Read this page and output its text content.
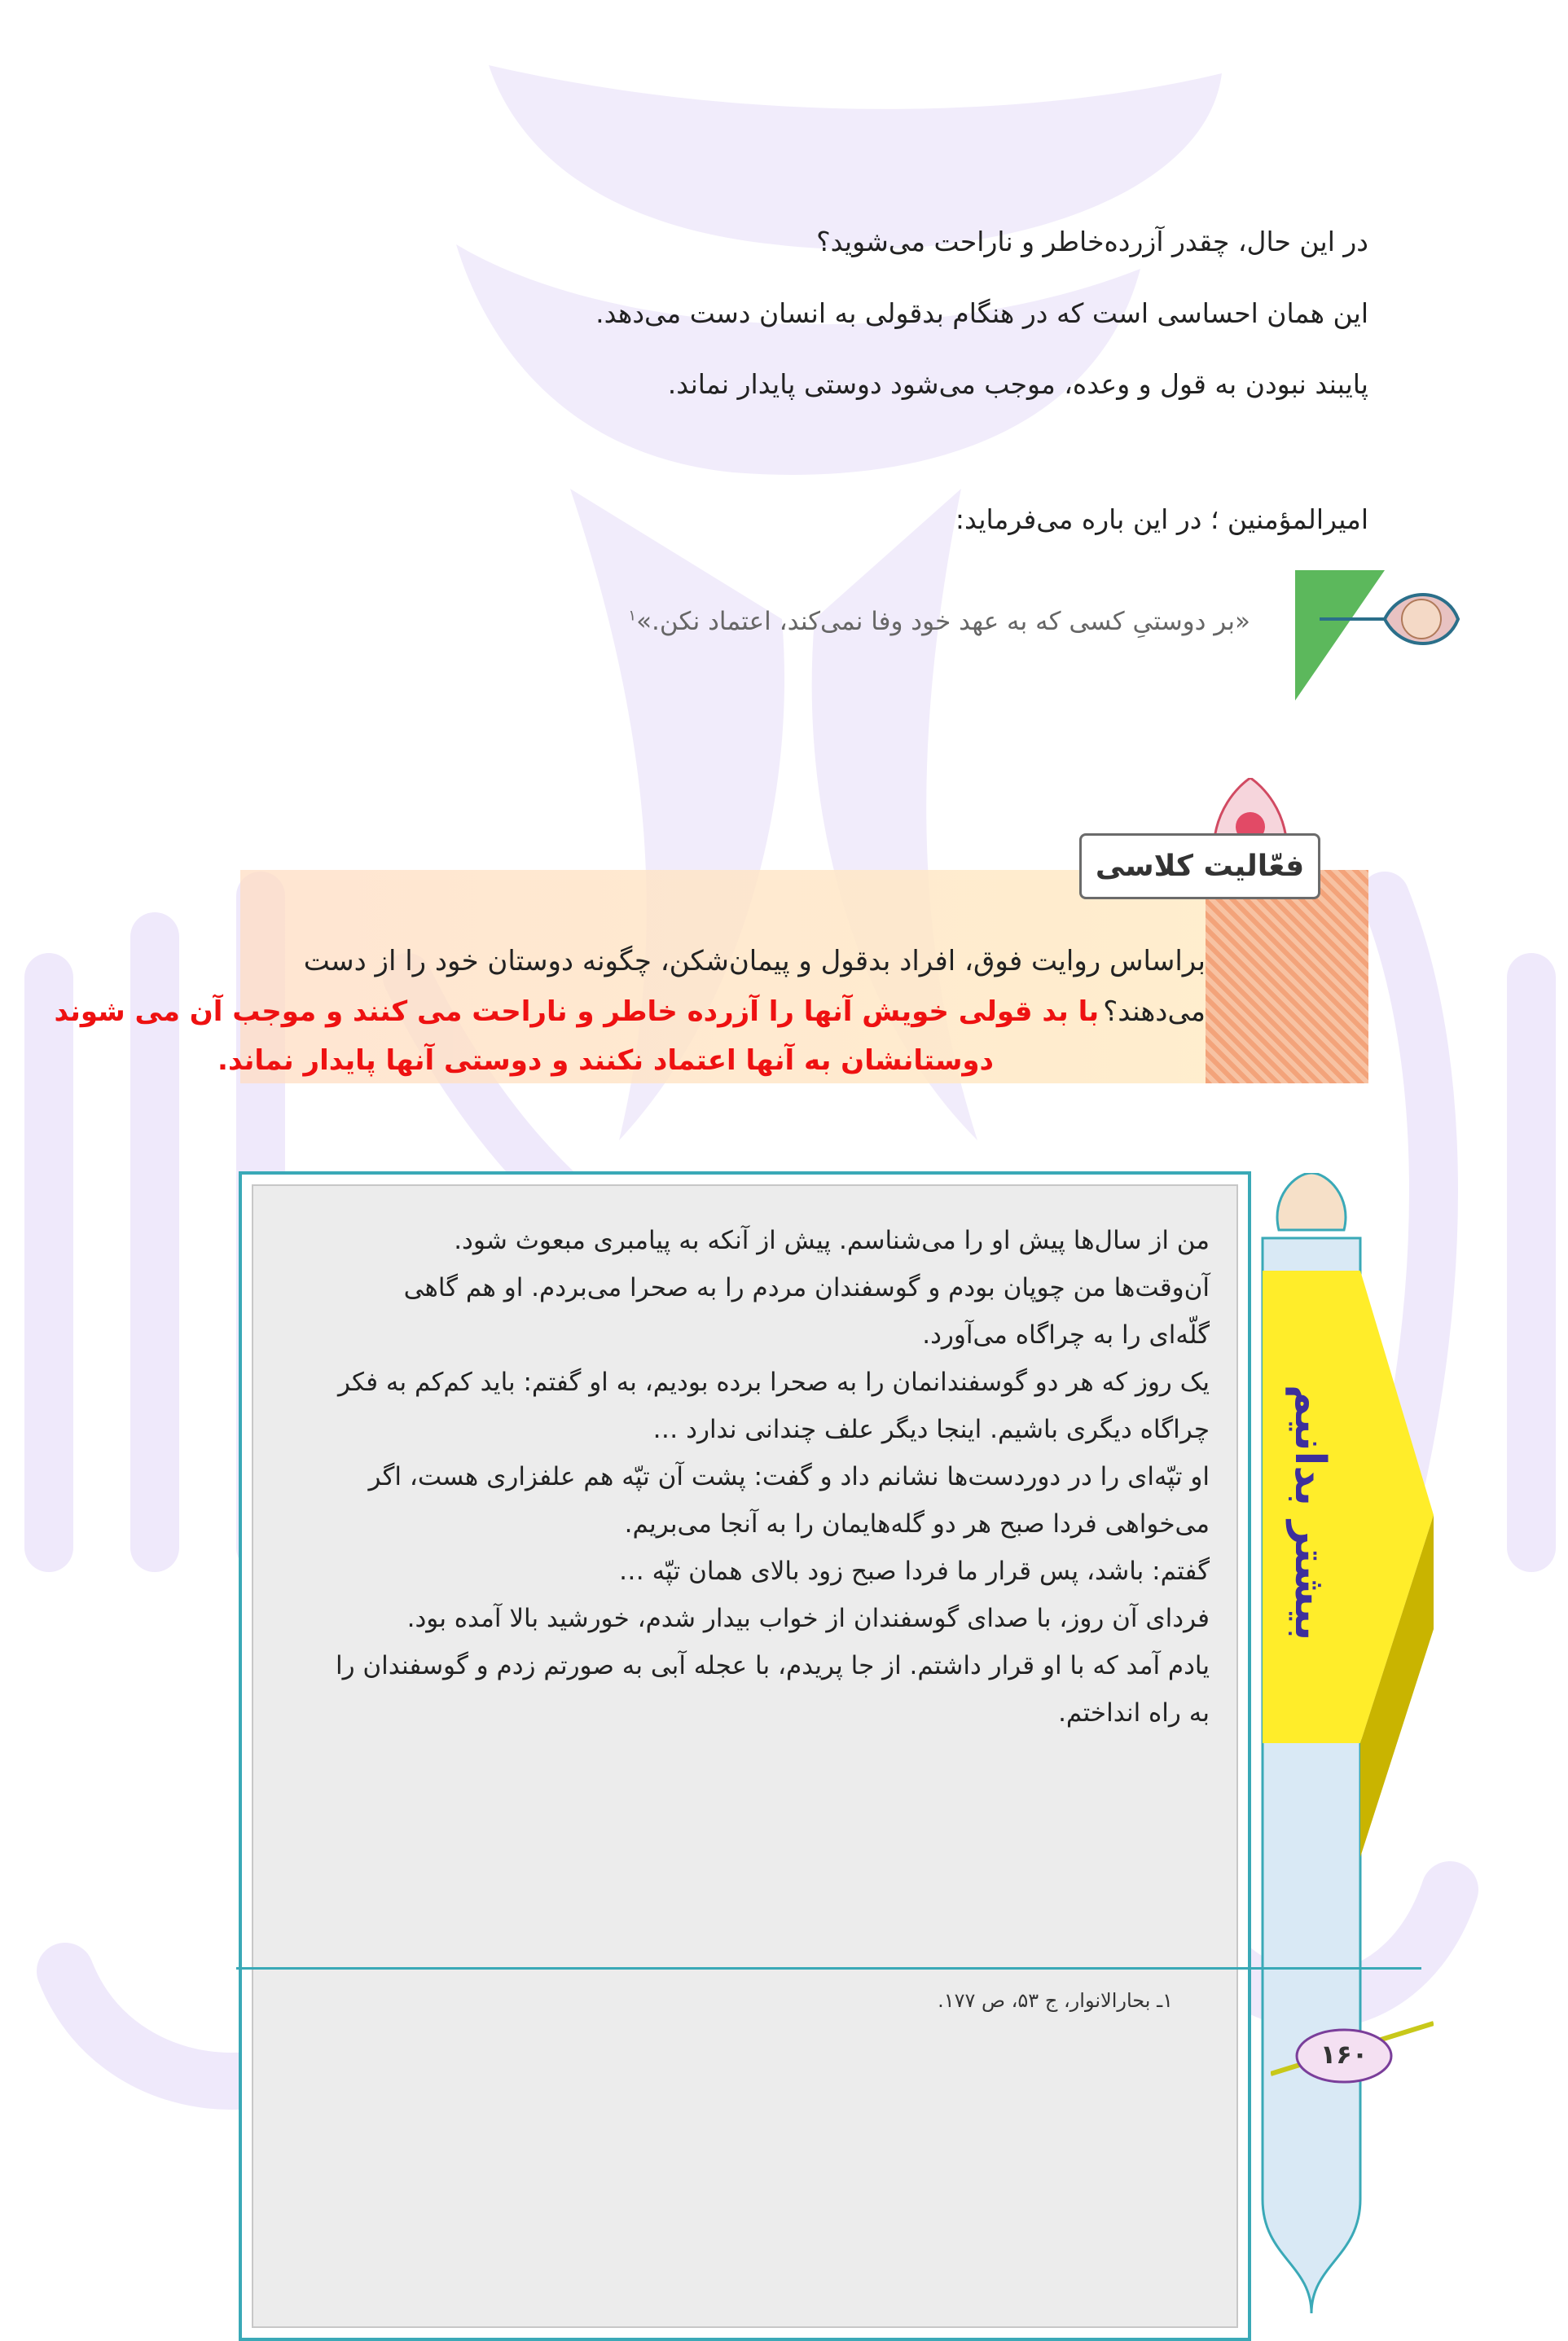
در این حال، چقدر آزرده‌خاطر و ناراحت می‌شوید؟
این همان احساسی است که در هنگام بدقولی به انسان دست می‌دهد.
پایبند نبودن به قول و وعده، موجب می‌شود دوستی پایدار نماند.
امیرالمؤمنین ؛ در این باره می‌فرماید:
«بر دوستیِ کسی که به عهد خود وفا نمی‌کند، اعتماد نکن.»$^۱$
فعّالیت کلاسی
براساس روایت فوق، افراد بدقول و پیمان‌شکن، چگونه دوستان خود را از دست
می‌دهند؟ با بد قولی خویش آنها را آزرده خاطر و ناراحت می کنند و موجب آن می شوند
دوستانشان به آنها اعتماد نکنند و دوستی آنها پایدار نماند.
بیشتر بدانیم
من از سال‌ها پیش او را می‌شناسم. پیش از آنکه به پیامبری مبعوث شود.
آن‌وقت‌ها من چوپان بودم و گوسفندان مردم را به صحرا می‌بردم. او هم گاهی
گلّه‌ای را به چراگاه می‌آورد.
یک روز که هر دو گوسفندانمان را به صحرا برده بودیم، به او گفتم: باید کم‌کم به فکر
چراگاه دیگری باشیم. اینجا دیگر علف چندانی ندارد …
او تپّه‌ای را در دوردست‌ها نشانم داد و گفت: پشت آن تپّه هم علفزاری هست، اگر
می‌خواهی فردا صبح هر دو گله‌هایمان را به آنجا می‌بریم.
گفتم: باشد، پس قرار ما فردا صبح زود بالای همان تپّه …
فردای آن روز، با صدای گوسفندان از خواب بیدار شدم، خورشید بالا آمده بود.
یادم آمد که با او قرار داشتم. از جا پریدم، با عجله آبی به صورتم زدم و گوسفندان را
به راه انداختم.
۱ـ بحارالانوار، ج ۵۳، ص ۱۷۷.
۱۶۰
